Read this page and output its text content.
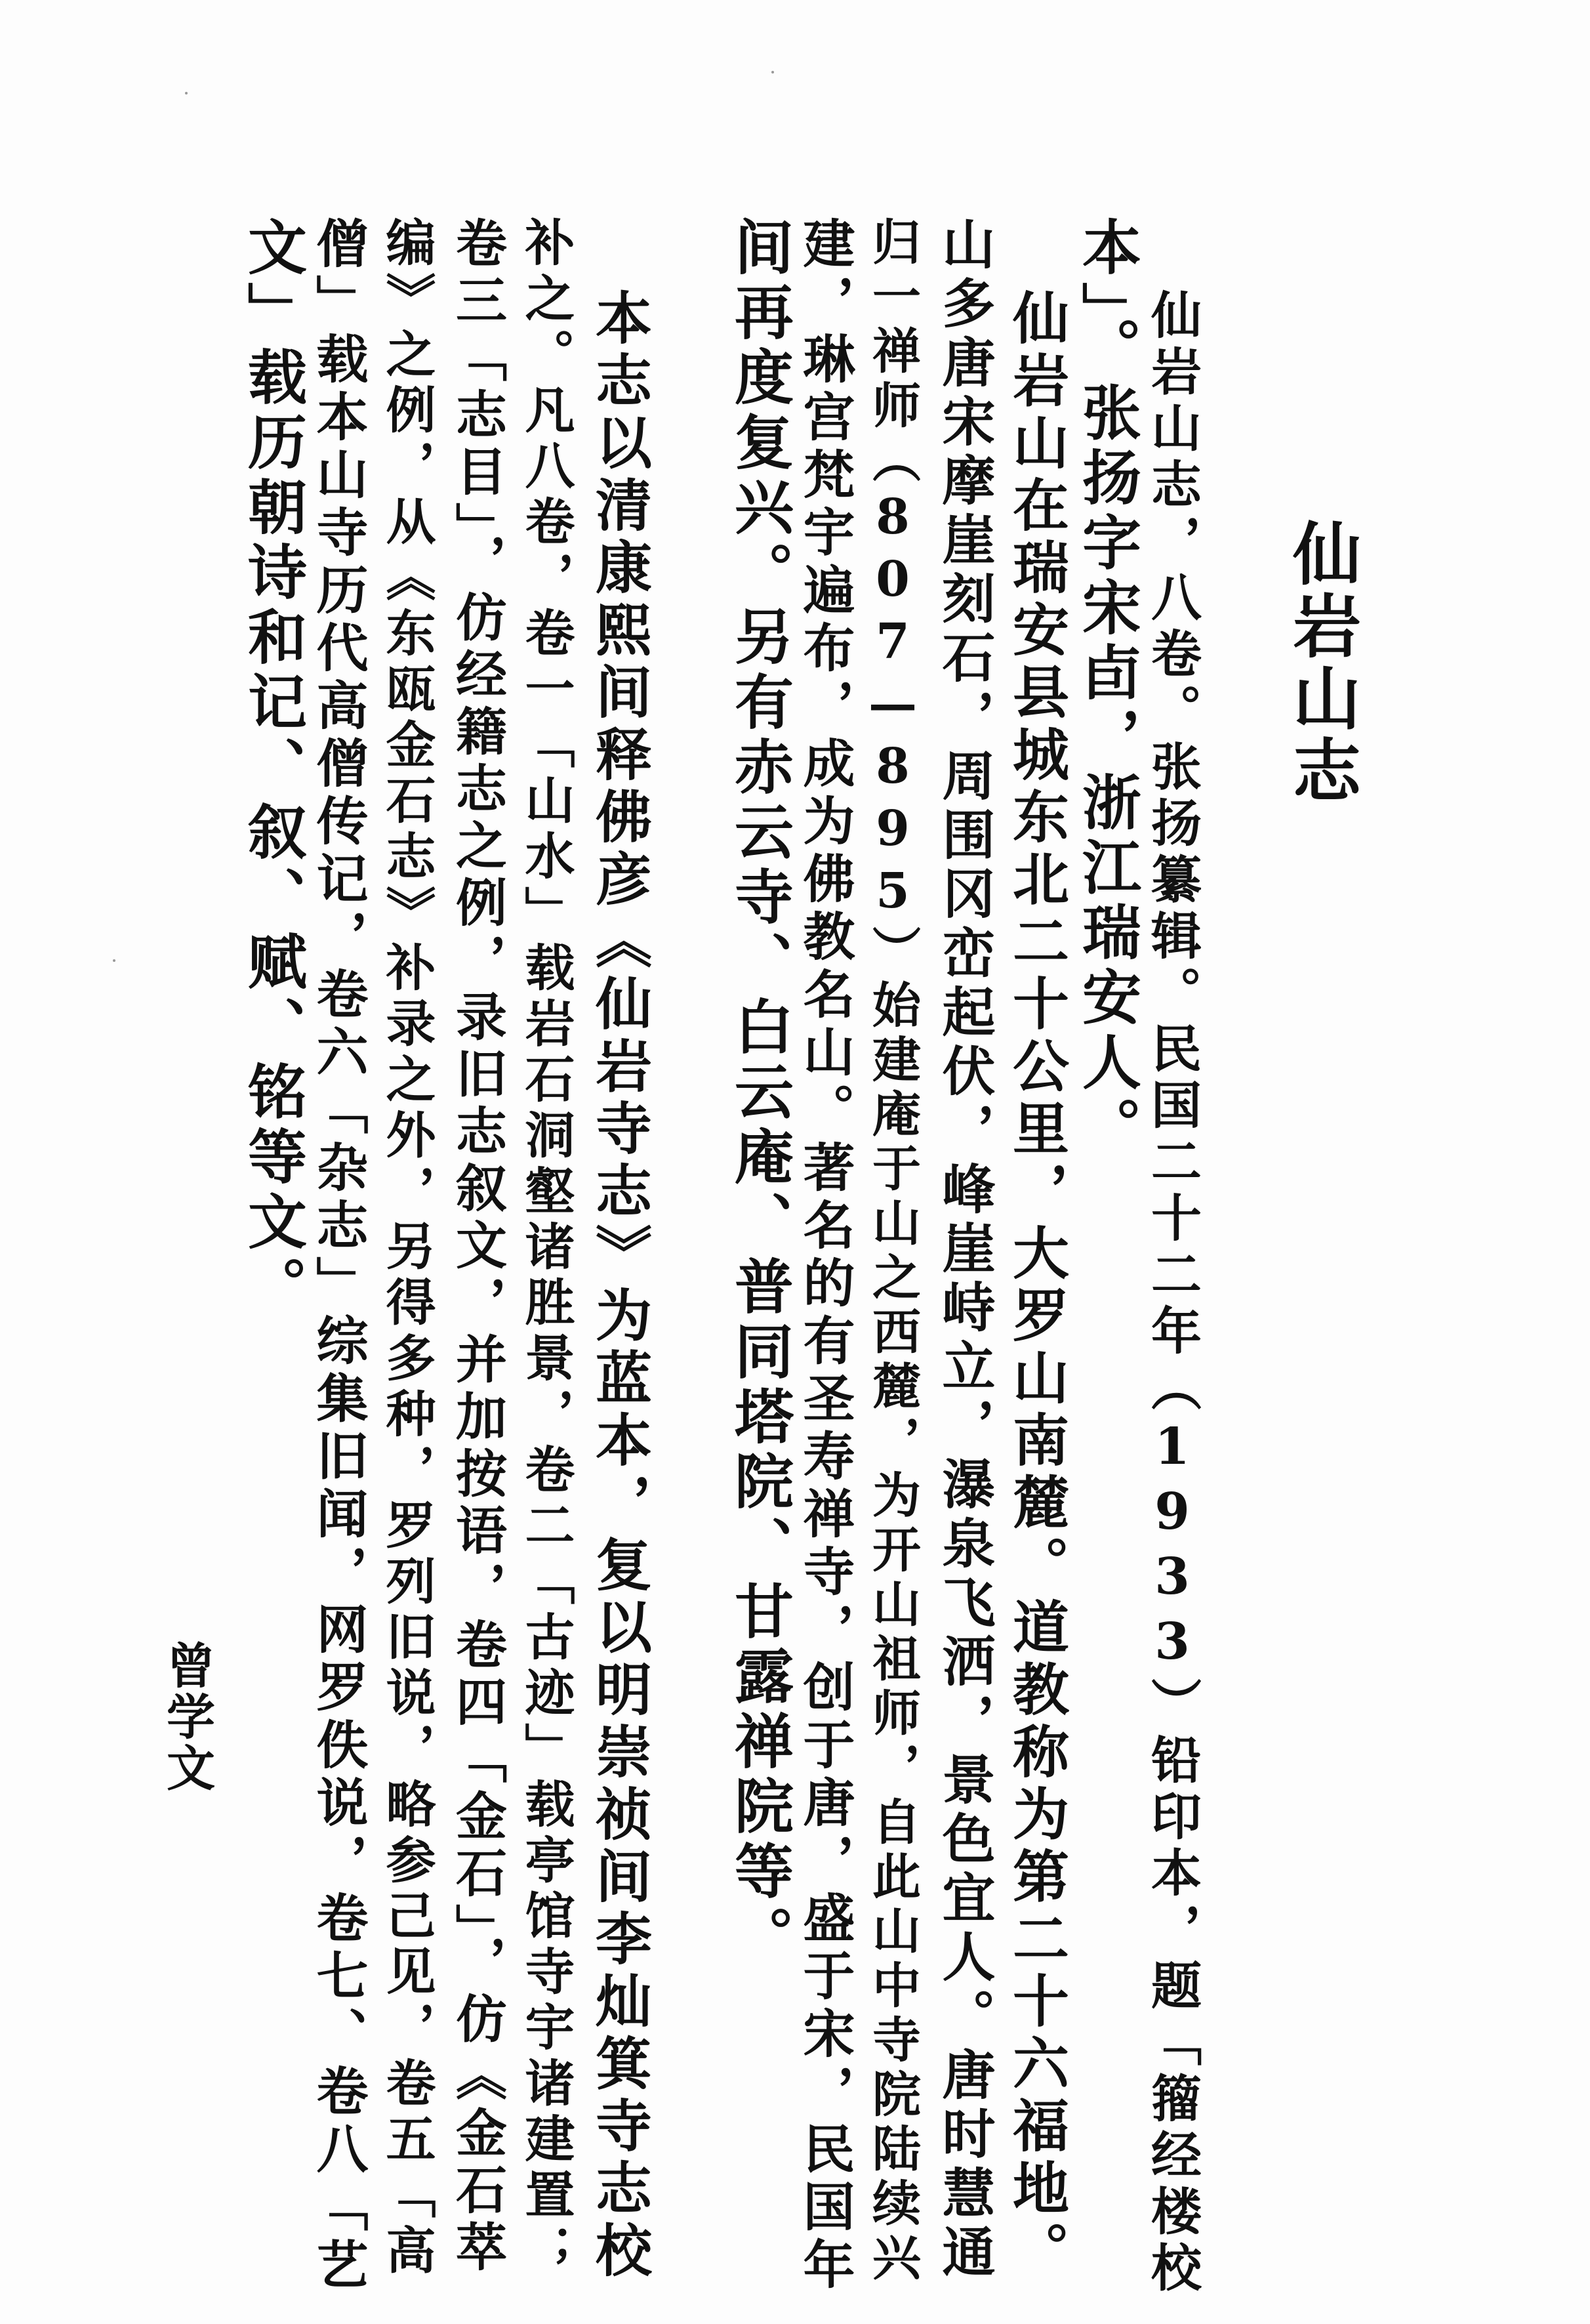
仙岩山志
仙岩山志，八卷。张扬纂辑。民国二十二年（1933）铅印本，题「籀经楼校
本」。张扬字宋卣，浙江瑞安人。
仙岩山在瑞安县城东北二十公里，大罗山南麓。道教称为第二十六福地。
山多唐宋摩崖刻石，周围冈峦起伏，峰崖峙立，瀑泉飞洒，景色宜人。唐时慧通
归一禅师（807—895）始建庵于山之西麓，为开山祖师，自此山中寺院陆续兴
建，琳宫梵宇遍布，成为佛教名山。著名的有圣寿禅寺，创于唐，盛于宋，民国年
间再度复兴。另有赤云寺、白云庵、普同塔院、甘露禅院等。
本志以清康熙间释佛彦《仙岩寺志》为蓝本，复以明崇祯间李灿箕寺志校
补之。凡八卷，卷一「山水」载岩石洞壑诸胜景，卷二「古迹」载亭馆寺宇诸建置；
卷三「志目」，仿经籍志之例，录旧志叙文，并加按语，卷四「金石」，仿《金石萃
编》之例，从《东瓯金石志》补录之外，另得多种，罗列旧说，略参己见，卷五「高
僧」载本山寺历代高僧传记，卷六「杂志」综集旧闻，网罗佚说，卷七、卷八「艺
文」载历朝诗和记、叙、赋、铭等文。
曾学文
